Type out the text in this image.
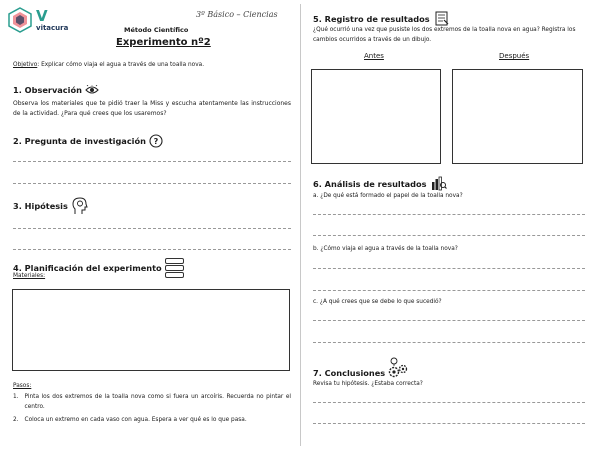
V
vitacura
3º Básico – Ciencias
Método Científico
Experimento nº2
Objetivo: Explicar cómo viaja el agua a través de una toalla nova.
1. Observación
Observa los materiales que te pidió traer la Miss y escucha atentamente las instrucciones de la actividad. ¿Para qué crees que los usaremos?
2. Pregunta de investigación ?
3. Hipótesis
4. Planificación del experimento
Materiales:
Pasos:
1. Pinta los dos extremos de la toalla nova como si fuera un arcoíris. Recuerda no pintar el centro.
2. Coloca un extremo en cada vaso con agua. Espera a ver qué es lo que pasa.
5. Registro de resultados
¿Qué ocurrió una vez que pusiste los dos extremos de la toalla nova en agua? Registra los cambios ocurridos a través de un dibujo.
Antes	Después
6. Análisis de resultados
a. ¿De qué está formado el papel de la toalla nova?
b. ¿Cómo viaja el agua a través de la toalla nova?
c. ¿A qué crees que se debe lo que sucedió?
7. Conclusiones
Revisa tu hipótesis. ¿Estaba correcta?
